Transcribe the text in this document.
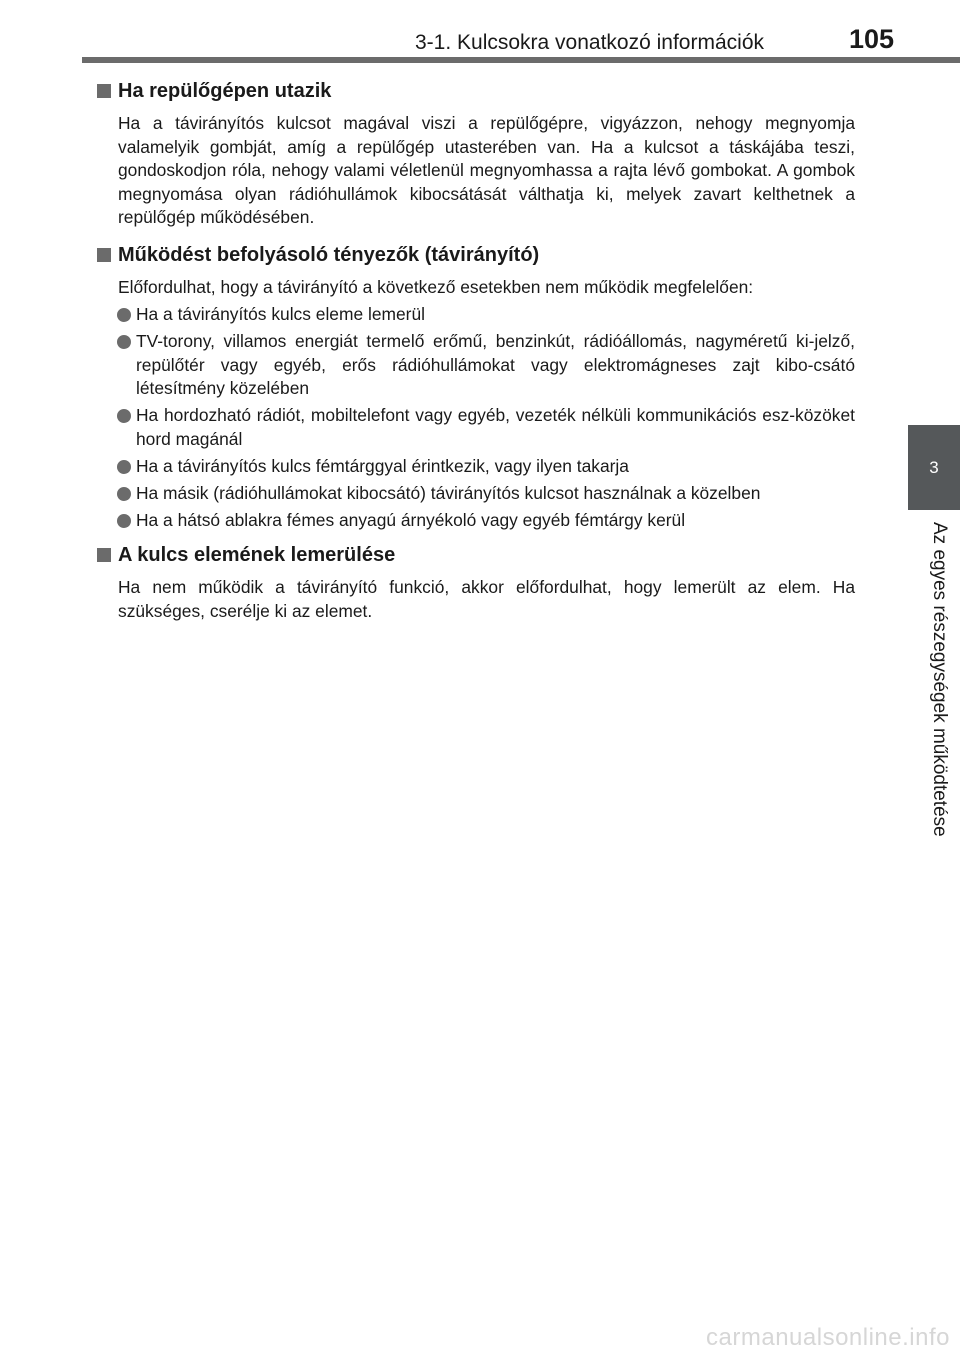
3-1. Kulcsokra vonatkozó információk	105
3
Az egyes részegységek működtetése
Ha repülőgépen utazik

Ha a távirányítós kulcsot magával viszi a repülőgépre, vigyázzon, nehogy megnyomja valamelyik gombját, amíg a repülőgép utasterében van. Ha a kulcsot a táskájába teszi, gondoskodjon róla, nehogy valami véletlenül megnyomhassa a rajta lévő gombokat. A gombok megnyomása olyan rádióhullámok kibocsátását válthatja ki, melyek zavart kelthetnek a repülőgép működésében.

Működést befolyásoló tényezők (távirányító)

Előfordulhat, hogy a távirányító a következő esetekben nem működik megfelelően:

Ha a távirányítós kulcs eleme lemerül
TV-torony, villamos energiát termelő erőmű, benzinkút, rádióállomás, nagyméretű ki-jelző, repülőtér vagy egyéb, erős rádióhullámokat vagy elektromágneses zajt kibo-csátó létesítmény közelében
Ha hordozható rádiót, mobiltelefont vagy egyéb, vezeték nélküli kommunikációs esz-közöket hord magánál
Ha a távirányítós kulcs fémtárggyal érintkezik, vagy ilyen takarja
Ha másik (rádióhullámokat kibocsátó) távirányítós kulcsot használnak a közelben
Ha a hátsó ablakra fémes anyagú árnyékoló vagy egyéb fémtárgy kerül
A kulcs elemének lemerülése

Ha nem működik a távirányító funkció, akkor előfordulhat, hogy lemerült az elem. Ha szükséges, cserélje ki az elemet.

carmanualsonline.info
